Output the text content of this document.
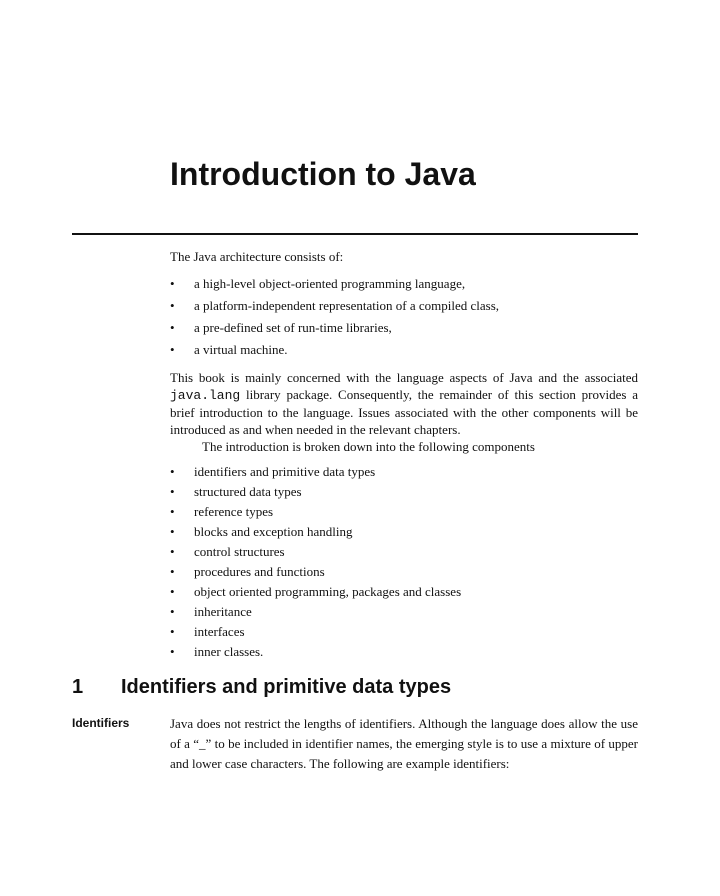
Introduction to Java

The Java architecture consists of:

• a high-level object-oriented programming language,
• a platform-independent representation of a compiled class,
• a pre-defined set of run-time libraries,
• a virtual machine.

This book is mainly concerned with the language aspects of Java and the associated java.lang library package. Consequently, the remainder of this section provides a brief introduction to the language. Issues associated with the other components will be introduced as and when needed in the relevant chapters.

The introduction is broken down into the following components

• identifiers and primitive data types
• structured data types
• reference types
• blocks and exception handling
• control structures
• procedures and functions
• object oriented programming, packages and classes
• inheritance
• interfaces
• inner classes.
1 Identifiers and primitive data types
Identifiers	Java does not restrict the lengths of identifiers. Although the language does allow the use of a “_” to be included in identifier names, the emerging style is to use a mixture of upper and lower case characters. The following are example identifiers:
